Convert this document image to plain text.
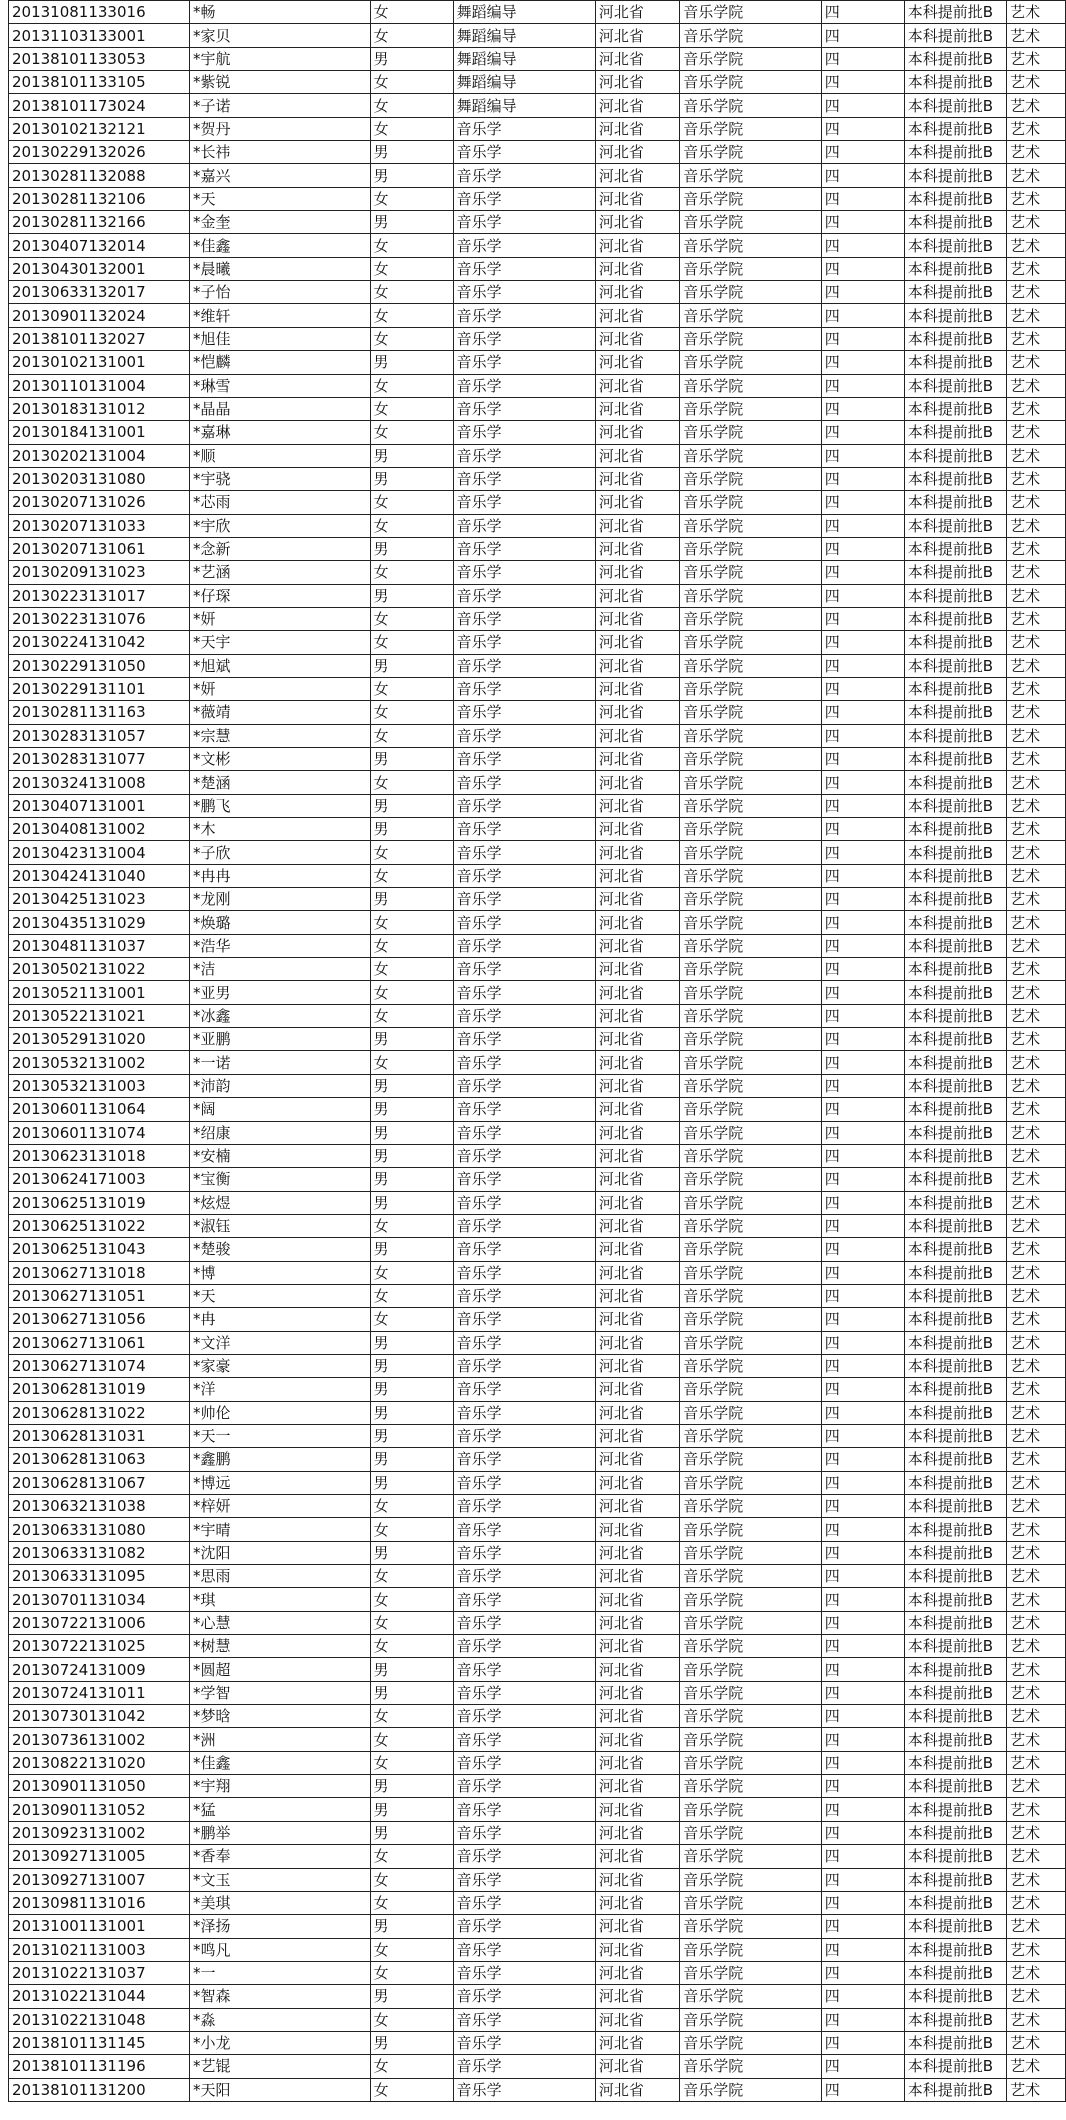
20131081133016	*畅	女	舞蹈编导	河北省	音乐学院	四	本科提前批B	艺术
20131103133001	*家贝	女	舞蹈编导	河北省	音乐学院	四	本科提前批B	艺术
20138101133053	*宇航	男	舞蹈编导	河北省	音乐学院	四	本科提前批B	艺术
20138101133105	*紫锐	女	舞蹈编导	河北省	音乐学院	四	本科提前批B	艺术
20138101173024	*子诺	女	舞蹈编导	河北省	音乐学院	四	本科提前批B	艺术
20130102132121	*贺丹	女	音乐学	河北省	音乐学院	四	本科提前批B	艺术
20130229132026	*长祎	男	音乐学	河北省	音乐学院	四	本科提前批B	艺术
20130281132088	*嘉兴	男	音乐学	河北省	音乐学院	四	本科提前批B	艺术
20130281132106	*天	女	音乐学	河北省	音乐学院	四	本科提前批B	艺术
20130281132166	*金奎	男	音乐学	河北省	音乐学院	四	本科提前批B	艺术
20130407132014	*佳鑫	女	音乐学	河北省	音乐学院	四	本科提前批B	艺术
20130430132001	*晨曦	女	音乐学	河北省	音乐学院	四	本科提前批B	艺术
20130633132017	*子怡	女	音乐学	河北省	音乐学院	四	本科提前批B	艺术
20130901132024	*维轩	女	音乐学	河北省	音乐学院	四	本科提前批B	艺术
20138101132027	*旭佳	女	音乐学	河北省	音乐学院	四	本科提前批B	艺术
20130102131001	*恺麟	男	音乐学	河北省	音乐学院	四	本科提前批B	艺术
20130110131004	*琳雪	女	音乐学	河北省	音乐学院	四	本科提前批B	艺术
20130183131012	*晶晶	女	音乐学	河北省	音乐学院	四	本科提前批B	艺术
20130184131001	*嘉琳	女	音乐学	河北省	音乐学院	四	本科提前批B	艺术
20130202131004	*顺	男	音乐学	河北省	音乐学院	四	本科提前批B	艺术
20130203131080	*宇骁	男	音乐学	河北省	音乐学院	四	本科提前批B	艺术
20130207131026	*芯雨	女	音乐学	河北省	音乐学院	四	本科提前批B	艺术
20130207131033	*宇欣	女	音乐学	河北省	音乐学院	四	本科提前批B	艺术
20130207131061	*念新	男	音乐学	河北省	音乐学院	四	本科提前批B	艺术
20130209131023	*艺涵	女	音乐学	河北省	音乐学院	四	本科提前批B	艺术
20130223131017	*仔琛	男	音乐学	河北省	音乐学院	四	本科提前批B	艺术
20130223131076	*妍	女	音乐学	河北省	音乐学院	四	本科提前批B	艺术
20130224131042	*天宇	女	音乐学	河北省	音乐学院	四	本科提前批B	艺术
20130229131050	*旭斌	男	音乐学	河北省	音乐学院	四	本科提前批B	艺术
20130229131101	*妍	女	音乐学	河北省	音乐学院	四	本科提前批B	艺术
20130281131163	*薇靖	女	音乐学	河北省	音乐学院	四	本科提前批B	艺术
20130283131057	*宗慧	女	音乐学	河北省	音乐学院	四	本科提前批B	艺术
20130283131077	*文彬	男	音乐学	河北省	音乐学院	四	本科提前批B	艺术
20130324131008	*楚涵	女	音乐学	河北省	音乐学院	四	本科提前批B	艺术
20130407131001	*鹏飞	男	音乐学	河北省	音乐学院	四	本科提前批B	艺术
20130408131002	*木	男	音乐学	河北省	音乐学院	四	本科提前批B	艺术
20130423131004	*子欣	女	音乐学	河北省	音乐学院	四	本科提前批B	艺术
20130424131040	*冉冉	女	音乐学	河北省	音乐学院	四	本科提前批B	艺术
20130425131023	*龙刚	男	音乐学	河北省	音乐学院	四	本科提前批B	艺术
20130435131029	*焕璐	女	音乐学	河北省	音乐学院	四	本科提前批B	艺术
20130481131037	*浩华	女	音乐学	河北省	音乐学院	四	本科提前批B	艺术
20130502131022	*洁	女	音乐学	河北省	音乐学院	四	本科提前批B	艺术
20130521131001	*亚男	女	音乐学	河北省	音乐学院	四	本科提前批B	艺术
20130522131021	*冰鑫	女	音乐学	河北省	音乐学院	四	本科提前批B	艺术
20130529131020	*亚鹏	男	音乐学	河北省	音乐学院	四	本科提前批B	艺术
20130532131002	*一诺	女	音乐学	河北省	音乐学院	四	本科提前批B	艺术
20130532131003	*沛韵	男	音乐学	河北省	音乐学院	四	本科提前批B	艺术
20130601131064	*阔	男	音乐学	河北省	音乐学院	四	本科提前批B	艺术
20130601131074	*绍康	男	音乐学	河北省	音乐学院	四	本科提前批B	艺术
20130623131018	*安楠	男	音乐学	河北省	音乐学院	四	本科提前批B	艺术
20130624171003	*宝衡	男	音乐学	河北省	音乐学院	四	本科提前批B	艺术
20130625131019	*炫煜	男	音乐学	河北省	音乐学院	四	本科提前批B	艺术
20130625131022	*淑钰	女	音乐学	河北省	音乐学院	四	本科提前批B	艺术
20130625131043	*楚骏	男	音乐学	河北省	音乐学院	四	本科提前批B	艺术
20130627131018	*博	女	音乐学	河北省	音乐学院	四	本科提前批B	艺术
20130627131051	*天	女	音乐学	河北省	音乐学院	四	本科提前批B	艺术
20130627131056	*冉	女	音乐学	河北省	音乐学院	四	本科提前批B	艺术
20130627131061	*文洋	男	音乐学	河北省	音乐学院	四	本科提前批B	艺术
20130627131074	*家豪	男	音乐学	河北省	音乐学院	四	本科提前批B	艺术
20130628131019	*洋	男	音乐学	河北省	音乐学院	四	本科提前批B	艺术
20130628131022	*帅伦	男	音乐学	河北省	音乐学院	四	本科提前批B	艺术
20130628131031	*天一	男	音乐学	河北省	音乐学院	四	本科提前批B	艺术
20130628131063	*鑫鹏	男	音乐学	河北省	音乐学院	四	本科提前批B	艺术
20130628131067	*博远	男	音乐学	河北省	音乐学院	四	本科提前批B	艺术
20130632131038	*梓妍	女	音乐学	河北省	音乐学院	四	本科提前批B	艺术
20130633131080	*宇晴	女	音乐学	河北省	音乐学院	四	本科提前批B	艺术
20130633131082	*沈阳	男	音乐学	河北省	音乐学院	四	本科提前批B	艺术
20130633131095	*思雨	女	音乐学	河北省	音乐学院	四	本科提前批B	艺术
20130701131034	*琪	女	音乐学	河北省	音乐学院	四	本科提前批B	艺术
20130722131006	*心慧	女	音乐学	河北省	音乐学院	四	本科提前批B	艺术
20130722131025	*树慧	女	音乐学	河北省	音乐学院	四	本科提前批B	艺术
20130724131009	*圆超	男	音乐学	河北省	音乐学院	四	本科提前批B	艺术
20130724131011	*学智	男	音乐学	河北省	音乐学院	四	本科提前批B	艺术
20130730131042	*梦晗	女	音乐学	河北省	音乐学院	四	本科提前批B	艺术
20130736131002	*洲	女	音乐学	河北省	音乐学院	四	本科提前批B	艺术
20130822131020	*佳鑫	女	音乐学	河北省	音乐学院	四	本科提前批B	艺术
20130901131050	*宇翔	男	音乐学	河北省	音乐学院	四	本科提前批B	艺术
20130901131052	*猛	男	音乐学	河北省	音乐学院	四	本科提前批B	艺术
20130923131002	*鹏举	男	音乐学	河北省	音乐学院	四	本科提前批B	艺术
20130927131005	*香奉	女	音乐学	河北省	音乐学院	四	本科提前批B	艺术
20130927131007	*文玉	女	音乐学	河北省	音乐学院	四	本科提前批B	艺术
20130981131016	*美琪	女	音乐学	河北省	音乐学院	四	本科提前批B	艺术
20131001131001	*泽扬	男	音乐学	河北省	音乐学院	四	本科提前批B	艺术
20131021131003	*鸣凡	女	音乐学	河北省	音乐学院	四	本科提前批B	艺术
20131022131037	*一	女	音乐学	河北省	音乐学院	四	本科提前批B	艺术
20131022131044	*智森	男	音乐学	河北省	音乐学院	四	本科提前批B	艺术
20131022131048	*淼	女	音乐学	河北省	音乐学院	四	本科提前批B	艺术
20138101131145	*小龙	男	音乐学	河北省	音乐学院	四	本科提前批B	艺术
20138101131196	*艺锟	女	音乐学	河北省	音乐学院	四	本科提前批B	艺术
20138101131200	*天阳	女	音乐学	河北省	音乐学院	四	本科提前批B	艺术
